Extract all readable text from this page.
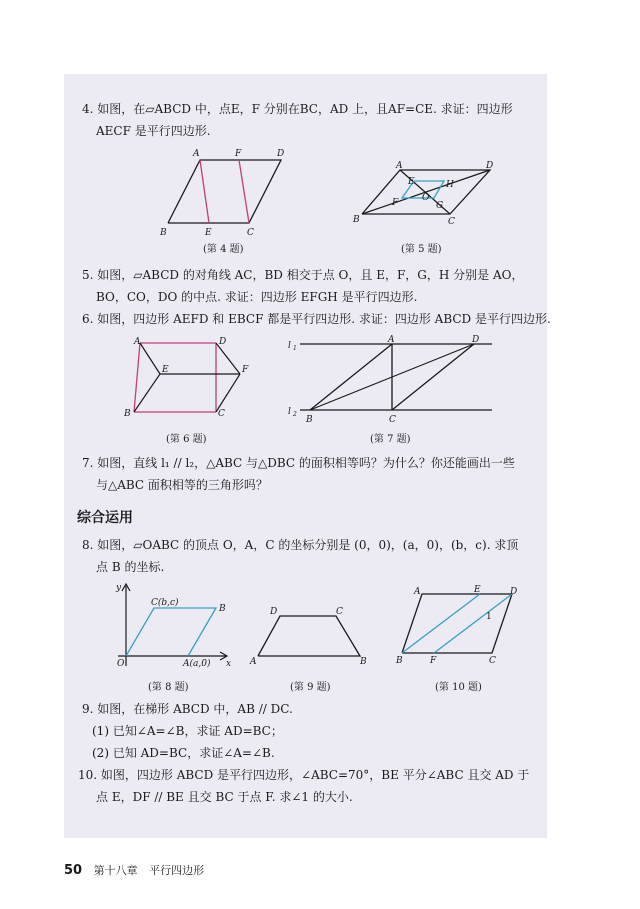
4. 如图，在▱ABCD 中，点E，F 分别在BC，AD 上，且AF=CE. 求证：四边形
AECF 是平行四边形.
A	F	D
B	E	C
(第 4 题)
A	D
B	C
E	H
F	G
O
(第 5 题)
5. 如图，▱ABCD 的对角线 AC，BD 相交于点 O，且 E，F，G，H 分别是 AO，
BO，CO，DO 的中点. 求证：四边形 EFGH 是平行四边形.
6. 如图，四边形 AEFD 和 EBCF 都是平行四边形. 求证：四边形 ABCD 是平行四边形.
A	D
E	F
B	C
(第 6 题)
l 1
l 2
A	D
B	C
(第 7 题)
7. 如图，直线 l₁ // l₂，△ABC 与△DBC 的面积相等吗？为什么？你还能画出一些
与△ABC 面积相等的三角形吗？
综合运用
8. 如图，▱OABC 的顶点 O，A，C 的坐标分别是 (0，0)，(a，0)，(b，c). 求顶
点 B 的坐标.
y
x
O
C(b,c)
B
A(a,0)
(第 8 题)
D	C
A	B
(第 9 题)
A	E	D
1
B	F	C
(第 10 题)
9. 如图，在梯形 ABCD 中，AB // DC.
(1) 已知∠A=∠B，求证 AD=BC；
(2) 已知 AD=BC，求证∠A=∠B.
10. 如图，四边形 ABCD 是平行四边形，∠ABC=70°，BE 平分∠ABC 且交 AD 于
点 E，DF // BE 且交 BC 于点 F. 求∠1 的大小.
50 第十八章 平行四边形
